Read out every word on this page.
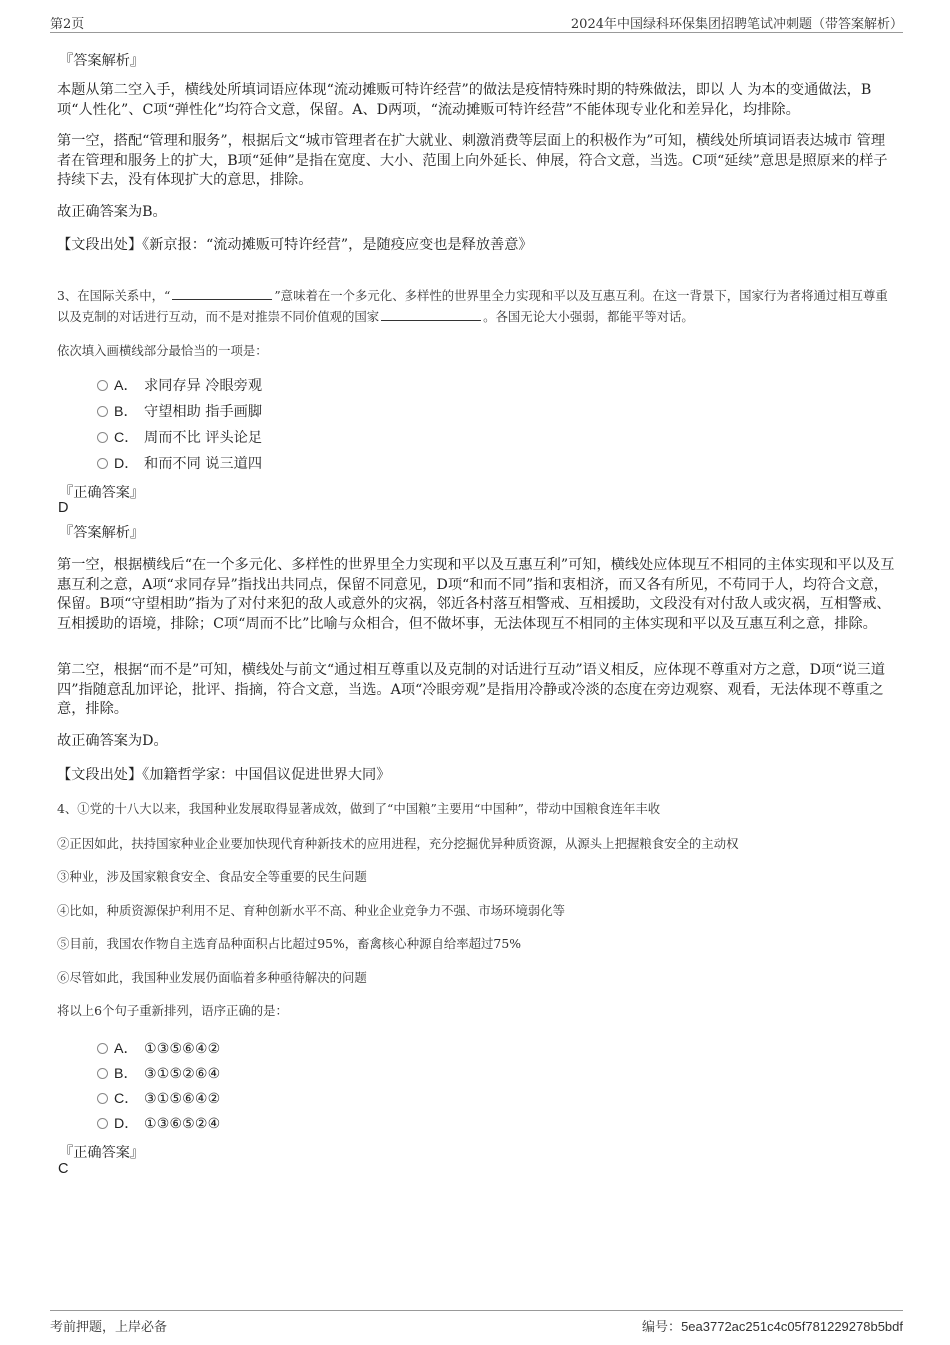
第2页	2024年中国绿科环保集团招聘笔试冲刺题（带答案解析）
『答案解析』

本题从第二空入手，横线处所填词语应体现“流动摊贩可特许经营”的做法是疫情特殊时期的特殊做法，即以 人 为本的变通做法，B项“人性化”、C项“弹性化”均符合文意，保留。A、D两项，“流动摊贩可特许经营”不能体现专业化和差异化，均排除。

第一空，搭配“管理和服务”，根据后文“城市管理者在扩大就业、刺激消费等层面上的积极作为”可知，横线处所填词语表达城市 管理者在管理和服务上的扩大，B项“延伸”是指在宽度、大小、范围上向外延长、伸展，符合文意，当选。C项“延续”意思是照原来的样子持续下去，没有体现扩大的意思，排除。

故正确答案为B。
【文段出处】《新京报：“流动摊贩可特许经营”，是随疫应变也是释放善意》
3、在国际关系中，“	”意味着在一个多元化、多样性的世界里全力实现和平以及互惠互利。在这一背景下，国家行为者将通过相互尊重以及克制的对话进行互动，而不是对推崇不同价值观的国家	。各国无论大小强弱，都能平等对话。
依次填入画横线部分最恰当的一项是：
A． 求同存异 冷眼旁观
B． 守望相助 指手画脚
C． 周而不比 评头论足
D． 和而不同 说三道四
『正确答案』
D
『答案解析』

第一空，根据横线后“在一个多元化、多样性的世界里全力实现和平以及互惠互利”可知，横线处应体现互不相同的主体实现和平以及互惠互利之意，A项“求同存异”指找出共同点，保留不同意见，D项“和而不同”指和衷相济，而又各有所见，不苟同于人，均符合文意，保留。B项“守望相助”指为了对付来犯的敌人或意外的灾祸，邻近各村落互相警戒、互相援助，文段没有对付敌人或灾祸，互相警戒、互相援助的语境，排除；C项“周而不比”比喻与众相合，但不做坏事，无法体现互不相同的主体实现和平以及互惠互利之意，排除。

第二空，根据“而不是”可知，横线处与前文“通过相互尊重以及克制的对话进行互动”语义相反，应体现不尊重对方之意，D项“说三道四”指随意乱加评论，批评、指摘，符合文意，当选。A项“冷眼旁观”是指用冷静或冷淡的态度在旁边观察、观看，无法体现不尊重之意，排除。

故正确答案为D。
【文段出处】《加籍哲学家：中国倡议促进世界大同》
4、①党的十八大以来，我国种业发展取得显著成效，做到了“中国粮”主要用“中国种”，带动中国粮食连年丰收
②正因如此，扶持国家种业企业要加快现代育种新技术的应用进程，充分挖掘优异种质资源，从源头上把握粮食安全的主动权
③种业，涉及国家粮食安全、食品安全等重要的民生问题
④比如，种质资源保护利用不足、育种创新水平不高、种业企业竞争力不强、市场环境弱化等
⑤目前，我国农作物自主选育品种面积占比超过95%，畜禽核心种源自给率超过75%
⑥尽管如此，我国种业发展仍面临着多种亟待解决的问题
将以上6个句子重新排列，语序正确的是：
A． ①③⑤⑥④②
B． ③①⑤②⑥④
C． ③①⑤⑥④②
D． ①③⑥⑤②④
『正确答案』
C
考前押题，上岸必备	编号：5ea3772ac251c4c05f781229278b5bdf
